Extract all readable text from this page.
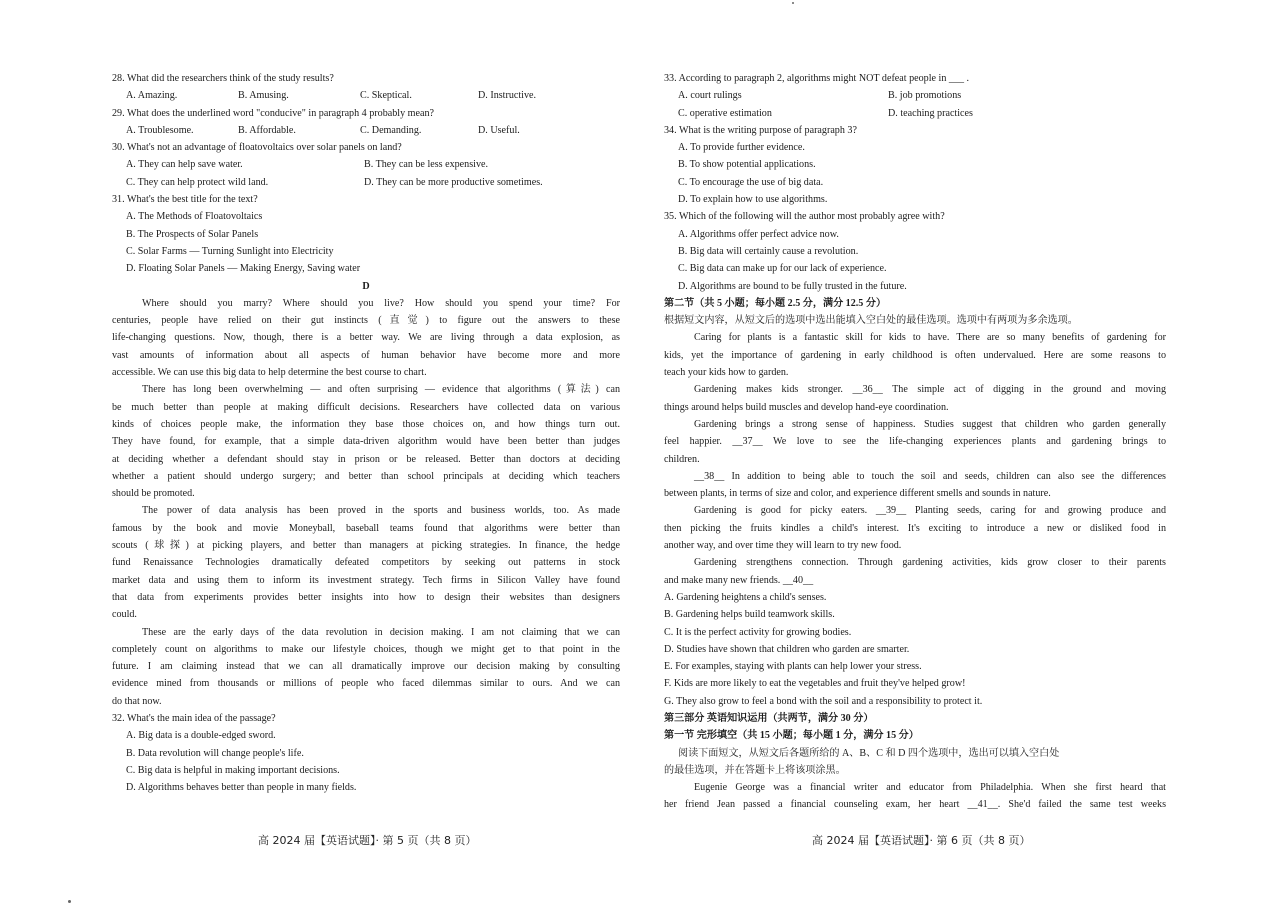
28. What did the researchers think of the study results?
A. Amazing.	B. Amusing.	C. Skeptical.	D. Instructive.
29. What does the underlined word "conducive" in paragraph 4 probably mean?
A. Troublesome.	B. Affordable.	C. Demanding.	D. Useful.
30. What's not an advantage of floatovoltaics over solar panels on land?
A. They can help save water.	B. They can be less expensive.
C. They can help protect wild land.	D. They can be more productive sometimes.
31. What's the best title for the text?
A. The Methods of Floatovoltaics
B. The Prospects of Solar Panels
C. Solar Farms — Turning Sunlight into Electricity
D. Floating Solar Panels — Making Energy, Saving water
D
Where should you marry? Where should you live? How should you spend your time? For
centuries, people have relied on their gut instincts (直觉) to figure out the answers to these
life-changing questions. Now, though, there is a better way. We are living through a data explosion, as
vast amounts of information about all aspects of human behavior have become more and more
accessible. We can use this big data to help determine the best course to chart.
There has long been overwhelming — and often surprising — evidence that algorithms (算法) can
be much better than people at making difficult decisions. Researchers have collected data on various
kinds of choices people make, the information they base those choices on, and how things turn out.
They have found, for example, that a simple data-driven algorithm would have been better than judges
at deciding whether a defendant should stay in prison or be released. Better than doctors at deciding
whether a patient should undergo surgery; and better than school principals at deciding which teachers
should be promoted.
The power of data analysis has been proved in the sports and business worlds, too. As made
famous by the book and movie Moneyball, baseball teams found that algorithms were better than
scouts (球探) at picking players, and better than managers at picking strategies. In finance, the hedge
fund Renaissance Technologies dramatically defeated competitors by seeking out patterns in stock
market data and using them to inform its investment strategy. Tech firms in Silicon Valley have found
that data from experiments provides better insights into how to design their websites than designers
could.
These are the early days of the data revolution in decision making. I am not claiming that we can
completely count on algorithms to make our lifestyle choices, though we might get to that point in the
future. I am claiming instead that we can all dramatically improve our decision making by consulting
evidence mined from thousands or millions of people who faced dilemmas similar to ours. And we can
do that now.
32. What's the main idea of the passage?
A. Big data is a double-edged sword.
B. Data revolution will change people's life.
C. Big data is helpful in making important decisions.
D. Algorithms behaves better than people in many fields.
33. According to paragraph 2, algorithms might NOT defeat people in ___ .
A. court rulings	B. job promotions
C. operative estimation	D. teaching practices
34. What is the writing purpose of paragraph 3?
A. To provide further evidence.
B. To show potential applications.
C. To encourage the use of big data.
D. To explain how to use algorithms.
35. Which of the following will the author most probably agree with?
A. Algorithms offer perfect advice now.
B. Big data will certainly cause a revolution.
C. Big data can make up for our lack of experience.
D. Algorithms are bound to be fully trusted in the future.
第二节（共 5 小题；每小题 2.5 分，满分 12.5 分）
根据短文内容，从短文后的选项中选出能填入空白处的最佳选项。选项中有两项为多余选项。
Caring for plants is a fantastic skill for kids to have. There are so many benefits of gardening for
kids, yet the importance of gardening in early childhood is often undervalued. Here are some reasons to
teach your kids how to garden.
Gardening makes kids stronger. __36__ The simple act of digging in the ground and moving
things around helps build muscles and develop hand-eye coordination.
Gardening brings a strong sense of happiness. Studies suggest that children who garden generally
feel happier. __37__ We love to see the life-changing experiences plants and gardening brings to
children.
__38__ In addition to being able to touch the soil and seeds, children can also see the differences
between plants, in terms of size and color, and experience different smells and sounds in nature.
Gardening is good for picky eaters. __39__ Planting seeds, caring for and growing produce and
then picking the fruits kindles a child's interest. It's exciting to introduce a new or disliked food in
another way, and over time they will learn to try new food.
Gardening strengthens connection. Through gardening activities, kids grow closer to their parents
and make many new friends. __40__
A. Gardening heightens a child's senses.
B. Gardening helps build teamwork skills.
C. It is the perfect activity for growing bodies.
D. Studies have shown that children who garden are smarter.
E. For examples, staying with plants can help lower your stress.
F. Kids are more likely to eat the vegetables and fruit they've helped grow!
G. They also grow to feel a bond with the soil and a responsibility to protect it.
第三部分 英语知识运用（共两节，满分 30 分）
第一节 完形填空（共 15 小题；每小题 1 分，满分 15 分）
阅读下面短文，从短文后各题所给的 A、B、C 和 D 四个选项中，选出可以填入空白处
的最佳选项，并在答题卡上将该项涂黑。
Eugenie George was a financial writer and educator from Philadelphia. When she first heard that
her friend Jean passed a financial counseling exam, her heart __41__. She'd failed the same test weeks
高 2024 届【英语试题】· 第 5 页（共 8 页）	高 2024 届【英语试题】· 第 6 页（共 8 页）
